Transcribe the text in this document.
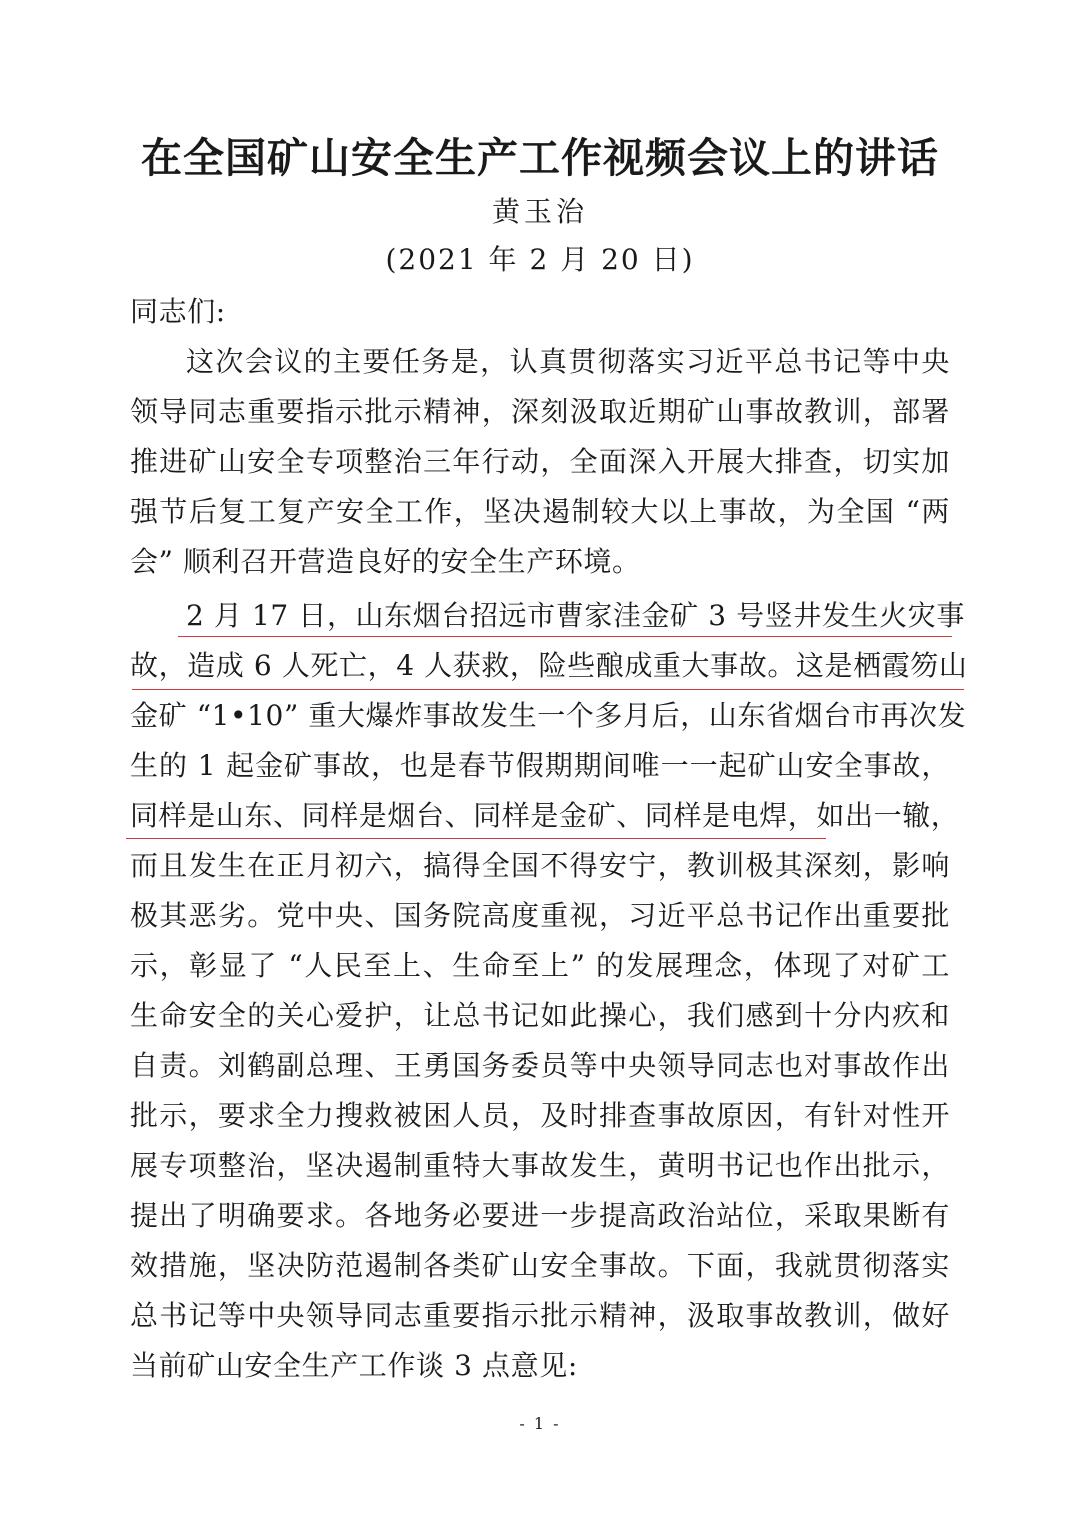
在全国矿山安全生产工作视频会议上的讲话
黄玉治
(2021 年 2 月 20 日)
同志们:
这次会议的主要任务是，认真贯彻落实习近平总书记等中央
领导同志重要指示批示精神，深刻汲取近期矿山事故教训，部署
推进矿山安全专项整治三年行动，全面深入开展大排查，切实加
强节后复工复产安全工作，坚决遏制较大以上事故，为全国 “两
会” 顺利召开营造良好的安全生产环境。
2 月 17 日，山东烟台招远市曹家洼金矿 3 号竖井发生火灾事
故，造成 6 人死亡，4 人获救，险些酿成重大事故。这是栖霞笏山
金矿 “1•10” 重大爆炸事故发生一个多月后，山东省烟台市再次发
生的 1 起金矿事故，也是春节假期期间唯一一起矿山安全事故，
同样是山东、同样是烟台、同样是金矿、同样是电焊，如出一辙，
而且发生在正月初六，搞得全国不得安宁，教训极其深刻，影响
极其恶劣。党中央、国务院高度重视，习近平总书记作出重要批
示，彰显了 “人民至上、生命至上” 的发展理念，体现了对矿工
生命安全的关心爱护，让总书记如此操心，我们感到十分内疚和
自责。刘鹤副总理、王勇国务委员等中央领导同志也对事故作出
批示，要求全力搜救被困人员，及时排查事故原因，有针对性开
展专项整治，坚决遏制重特大事故发生，黄明书记也作出批示，
提出了明确要求。各地务必要进一步提高政治站位，采取果断有
效措施，坚决防范遏制各类矿山安全事故。下面，我就贯彻落实
总书记等中央领导同志重要指示批示精神，汲取事故教训，做好
当前矿山安全生产工作谈 3 点意见:
- 1 -
